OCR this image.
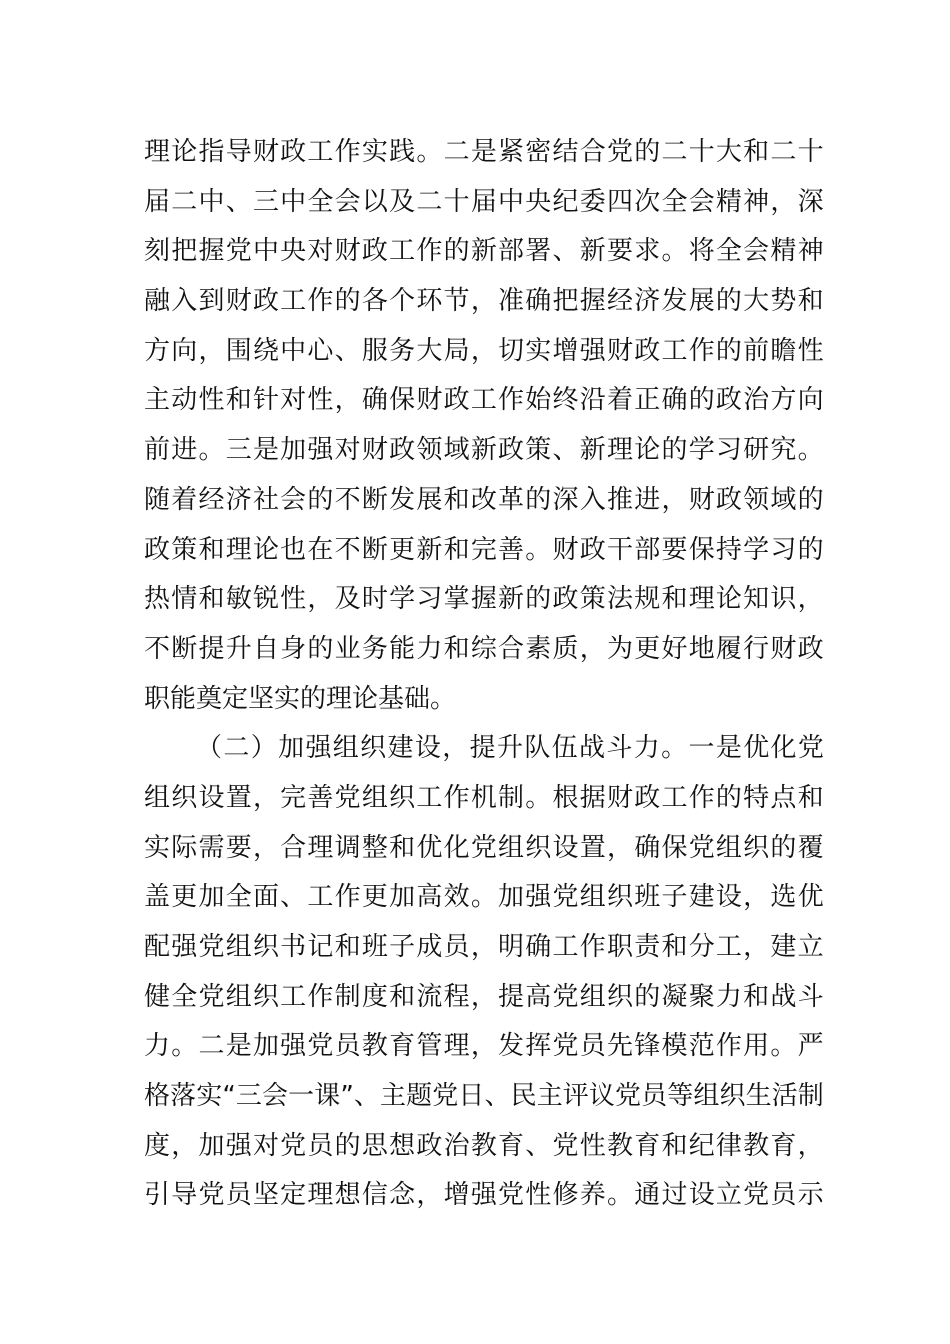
理 论 指 导 财 政 工 作 实 践 。 二 是 紧 密 结 合 党 的 二 十 大 和 二 十
届 二 中 、 三 中 全 会 以 及 二 十 届 中 央 纪 委 四 次 全 会 精 神 ， 深
刻 把 握 党 中 央 对 财 政 工 作 的 新 部 署 、 新 要 求 。 将 全 会 精 神
融 入 到 财 政 工 作 的 各 个 环 节 ， 准 确 把 握 经 济 发 展 的 大 势 和
方 向 ， 围 绕 中 心 、 服 务 大 局 ， 切 实 增 强 财 政 工 作 的 前 瞻 性
主 动 性 和 针 对 性 ， 确 保 财 政 工 作 始 终 沿 着 正 确 的 政 治 方 向
前 进 。 三 是 加 强 对 财 政 领 域 新 政 策 、 新 理 论 的 学 习 研 究 。
随 着 经 济 社 会 的 不 断 发 展 和 改 革 的 深 入 推 进 ， 财 政 领 域 的
政 策 和 理 论 也 在 不 断 更 新 和 完 善 。 财 政 干 部 要 保 持 学 习 的
热 情 和 敏 锐 性 ， 及 时 学 习 掌 握 新 的 政 策 法 规 和 理 论 知 识 ，
不 断 提 升 自 身 的 业 务 能 力 和 综 合 素 质 ， 为 更 好 地 履 行 财 政
职能奠定坚实的理论基础。
（ 二 ） 加 强 组 织 建 设 ， 提 升 队 伍 战 斗 力 。 一 是 优 化 党
组 织 设 置 ， 完 善 党 组 织 工 作 机 制 。 根 据 财 政 工 作 的 特 点 和
实 际 需 要 ， 合 理 调 整 和 优 化 党 组 织 设 置 ， 确 保 党 组 织 的 覆
盖 更 加 全 面 、 工 作 更 加 高 效 。 加 强 党 组 织 班 子 建 设 ， 选 优
配 强 党 组 织 书 记 和 班 子 成 员 ， 明 确 工 作 职 责 和 分 工 ， 建 立
健 全 党 组 织 工 作 制 度 和 流 程 ， 提 高 党 组 织 的 凝 聚 力 和 战 斗
力 。 二 是 加 强 党 员 教 育 管 理 ， 发 挥 党 员 先 锋 模 范 作 用 。 严
格 落 实 “ 三 会 一 课 ” 、 主 题 党 日 、 民 主 评 议 党 员 等 组 织 生 活 制
度 ， 加 强 对 党 员 的 思 想 政 治 教 育 、 党 性 教 育 和 纪 律 教 育 ，
引 导 党 员 坚 定 理 想 信 念 ， 增 强 党 性 修 养 。 通 过 设 立 党 员 示
